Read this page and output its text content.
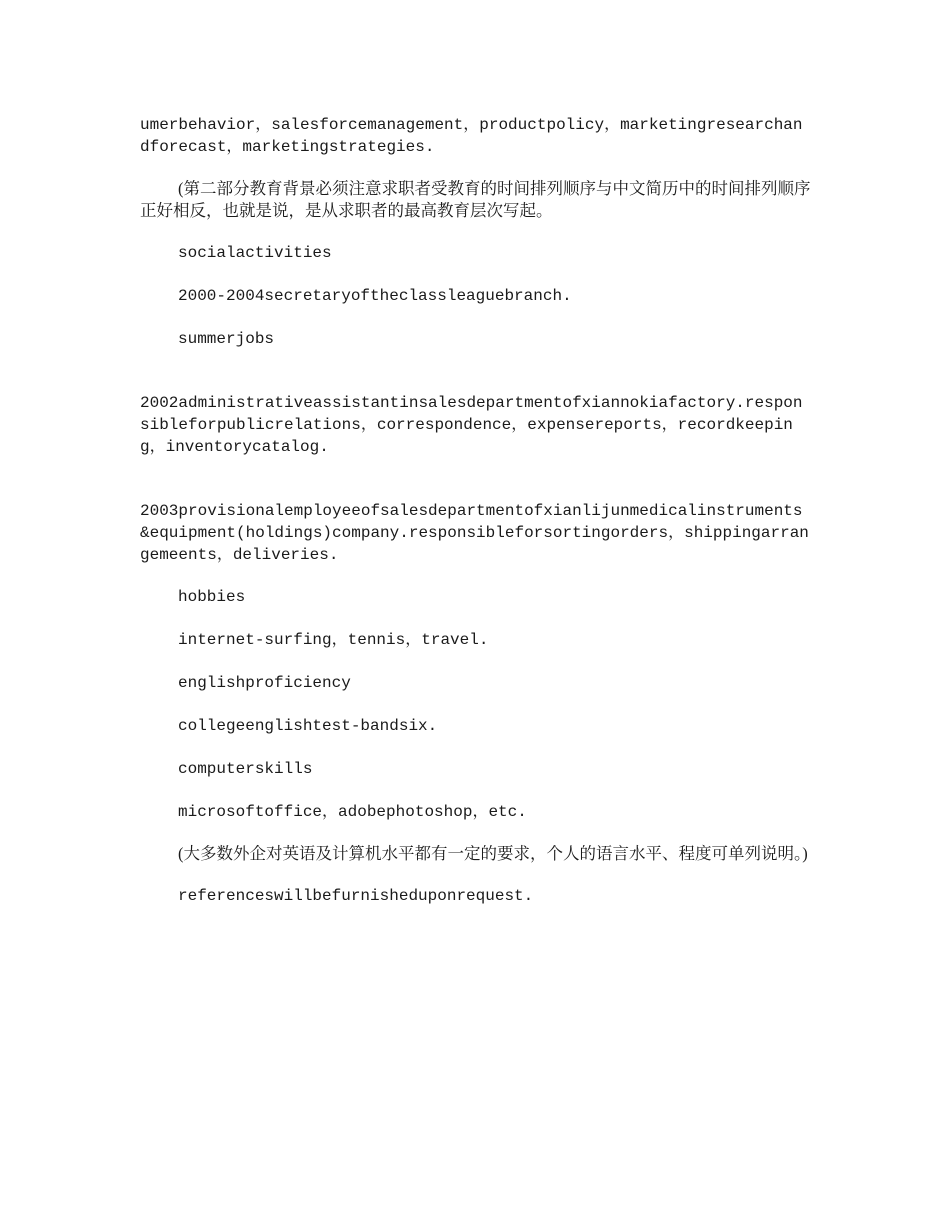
umerbehavior，salesforcemanagement，productpolicy，marketingresearchandforecast，marketingstrategies.

(第二部分教育背景必须注意求职者受教育的时间排列顺序与中文简历中的时间排列顺序正好相反，也就是说，是从求职者的最高教育层次写起。

socialactivities

2000-2004secretaryoftheclassleaguebranch.

summerjobs

2002administrativeassistantinsalesdepartmentofxiannokiafactory.responsibleforpublicrelations，correspondence，expensereports，recordkeeping，inventorycatalog.

2003provisionalemployeeofsalesdepartmentofxianlijunmedicalinstruments&equipment(holdings)company.responsibleforsortingorders，shippingarrangemeents，deliveries.

hobbies

internet-surfing，tennis，travel.

englishproficiency

collegeenglishtest-bandsix.

computerskills

microsoftoffice，adobephotoshop，etc.

(大多数外企对英语及计算机水平都有一定的要求，个人的语言水平、程度可单列说明。)

referenceswillbefurnisheduponrequest.
